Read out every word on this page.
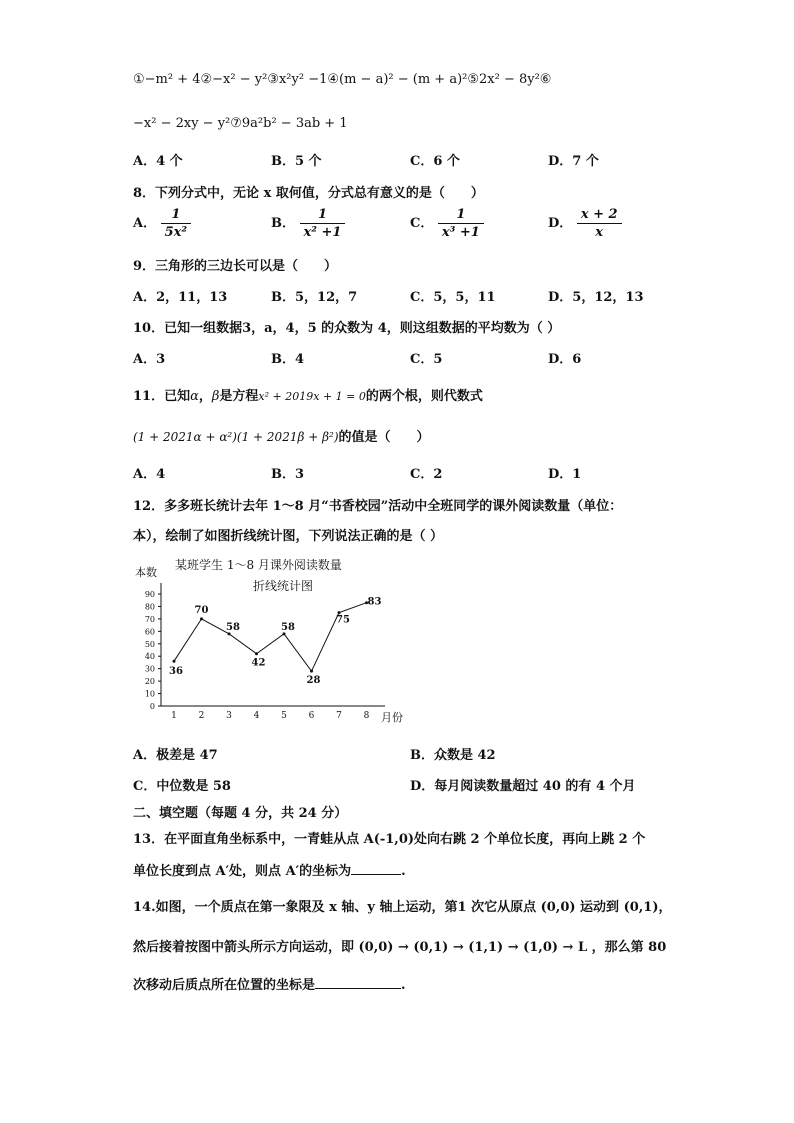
①−m² + 4②−x² − y²③x²y² −1④(m − a)² − (m + a)²⑤2x² − 8y²⑥
−x² − 2xy − y²⑦9a²b² − 3ab + 1
A．4 个	B．5 个	C．6 个	D．7 个
8．下列分式中，无论 x 取何值，分式总有意义的是（　　）
A． $\frac{1}{\text{5x²}}$	B． $\frac{1}{\text{x² +1}}$	C． $\frac{1}{\text{x³ +1}}$	D． $\frac{x + 2}{x}$
9．三角形的三边长可以是（　　）
A．2，11，13	B．5，12，7	C．5，5，11	D．5，12，13
10．已知一组数据3，a，4，5 的众数为 4，则这组数据的平均数为（ ）
A．3	B．4	C．5	D．6
11．已知α，β是方程x² + 2019x + 1 = 0的两个根，则代数式
(1 + 2021α + α²)(1 + 2021β + β²)的值是（　　）
A．4	B．3	C．2	D．1
12．多多班长统计去年 1～8 月“书香校园”活动中全班同学的课外阅读数量（单位：
本），绘制了如图折线统计图，下列说法正确的是（ ）
某班学生 1～8 月课外阅读数量
折线统计图
本数
0
10
20
30
40
50
60
70
80
90
1 2 3 4 5 6 7 8 月份
36
70
58
42
58
28
75
83
A．极差是 47	B．众数是 42
C．中位数是 58	D．每月阅读数量超过 40 的有 4 个月
二、填空题（每题 4 分，共 24 分）
13．在平面直角坐标系中，一青蛙从点 A(-1,0)处向右跳 2 个单位长度，再向上跳 2 个
单位长度到点 A′处，则点 A′的坐标为	.
14.如图，一个质点在第一象限及 x 轴、y 轴上运动，第1 次它从原点 (0,0) 运动到 (0,1)，
然后接着按图中箭头所示方向运动，即 (0,0) → (0,1) → (1,1) → (1,0) → L ，那么第 80
次移动后质点所在位置的坐标是	.
